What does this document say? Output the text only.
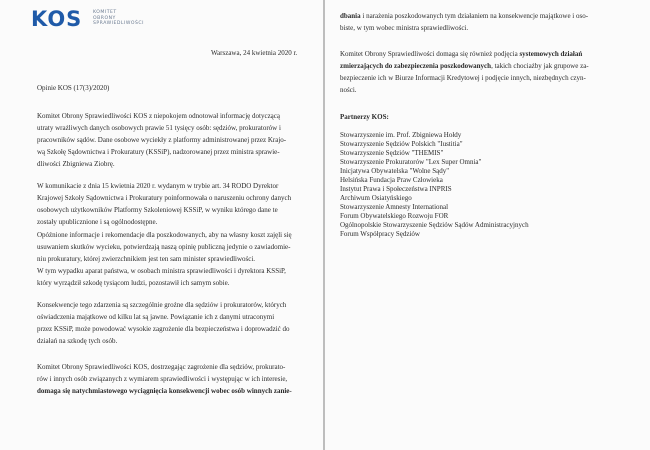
KOS KOMITET
OBRONY
SPRAWIEDLIWOŚCI
Warszawa, 24 kwietnia 2020 r.
Opinie KOS (17(3)/2020)
Komitet Obrony Sprawiedliwości KOS z niepokojem odnotował informację dotyczącą
utraty wrażliwych danych osobowych prawie 51 tysięcy osób: sędziów, prokuratorów i
pracowników sądów. Dane osobowe wyciekły z platformy administrowanej przez Krajo-
wą Szkołę Sądownictwa i Prokuratury (KSSiP), nadzorowanej przez ministra sprawie-
dliwości Zbigniewa Ziobrę.
W komunikacie z dnia 15 kwietnia 2020 r. wydanym w trybie art. 34 RODO Dyrektor
Krajowej Szkoły Sądownictwa i Prokuratury poinformowała o naruszeniu ochrony danych
osobowych użytkowników Platformy Szkoleniowej KSSiP, w wyniku którego dane te
zostały upublicznione i są ogólnodostępne.
Opóźnione informacje i rekomendacje dla poszkodowanych, aby na własny koszt zajęli się
usuwaniem skutków wycieku, potwierdzają naszą opinię publiczną jedynie o zawiadomie-
niu prokuratury, której zwierzchnikiem jest ten sam minister sprawiedliwości.
W tym wypadku aparat państwa, w osobach ministra sprawiedliwości i dyrektora KSSiP,
który wyrządził szkodę tysiącom ludzi, pozostawił ich samym sobie.
Konsekwencje tego zdarzenia są szczególnie groźne dla sędziów i prokuratorów, których
oświadczenia majątkowe od kilku lat są jawne. Powiązanie ich z danymi utraconymi
przez KSSiP, może powodować wysokie zagrożenie dla bezpieczeństwa i doprowadzić do
działań na szkodę tych osób.
Komitet Obrony Sprawiedliwości KOS, dostrzegając zagrożenie dla sędziów, prokurato-
rów i innych osób związanych z wymiarem sprawiedliwości i występując w ich interesie,
domaga się natychmiastowego wyciągnięcia konsekwencji wobec osób winnych zanie-
dbania i narażenia poszkodowanych tym działaniem na konsekwencje majątkowe i oso-
biste, w tym wobec ministra sprawiedliwości.
Komitet Obrony Sprawiedliwości domaga się również podjęcia systemowych działań
zmierzających do zabezpieczenia poszkodowanych, takich chociażby jak grupowe za-
bezpieczenie ich w Biurze Informacji Kredytowej i podjęcie innych, niezbędnych czyn-
ności.
Partnerzy KOS:
Stowarzyszenie im. Prof. Zbigniewa Hołdy
Stowarzyszenie Sędziów Polskich "Iustitia"
Stowarzyszenie Sędziów "THEMIS"
Stowarzyszenie Prokuratorów "Lex Super Omnia"
Inicjatywa Obywatelska "Wolne Sądy"
Helsińska Fundacja Praw Człowieka
Instytut Prawa i Społeczeństwa INPRIS
Archiwum Osiatyńskiego
Stowarzyszenie Amnesty International
Forum Obywatelskiego Rozwoju FOR
Ogólnopolskie Stowarzyszenie Sędziów Sądów Administracyjnych
Forum Współpracy Sędziów
